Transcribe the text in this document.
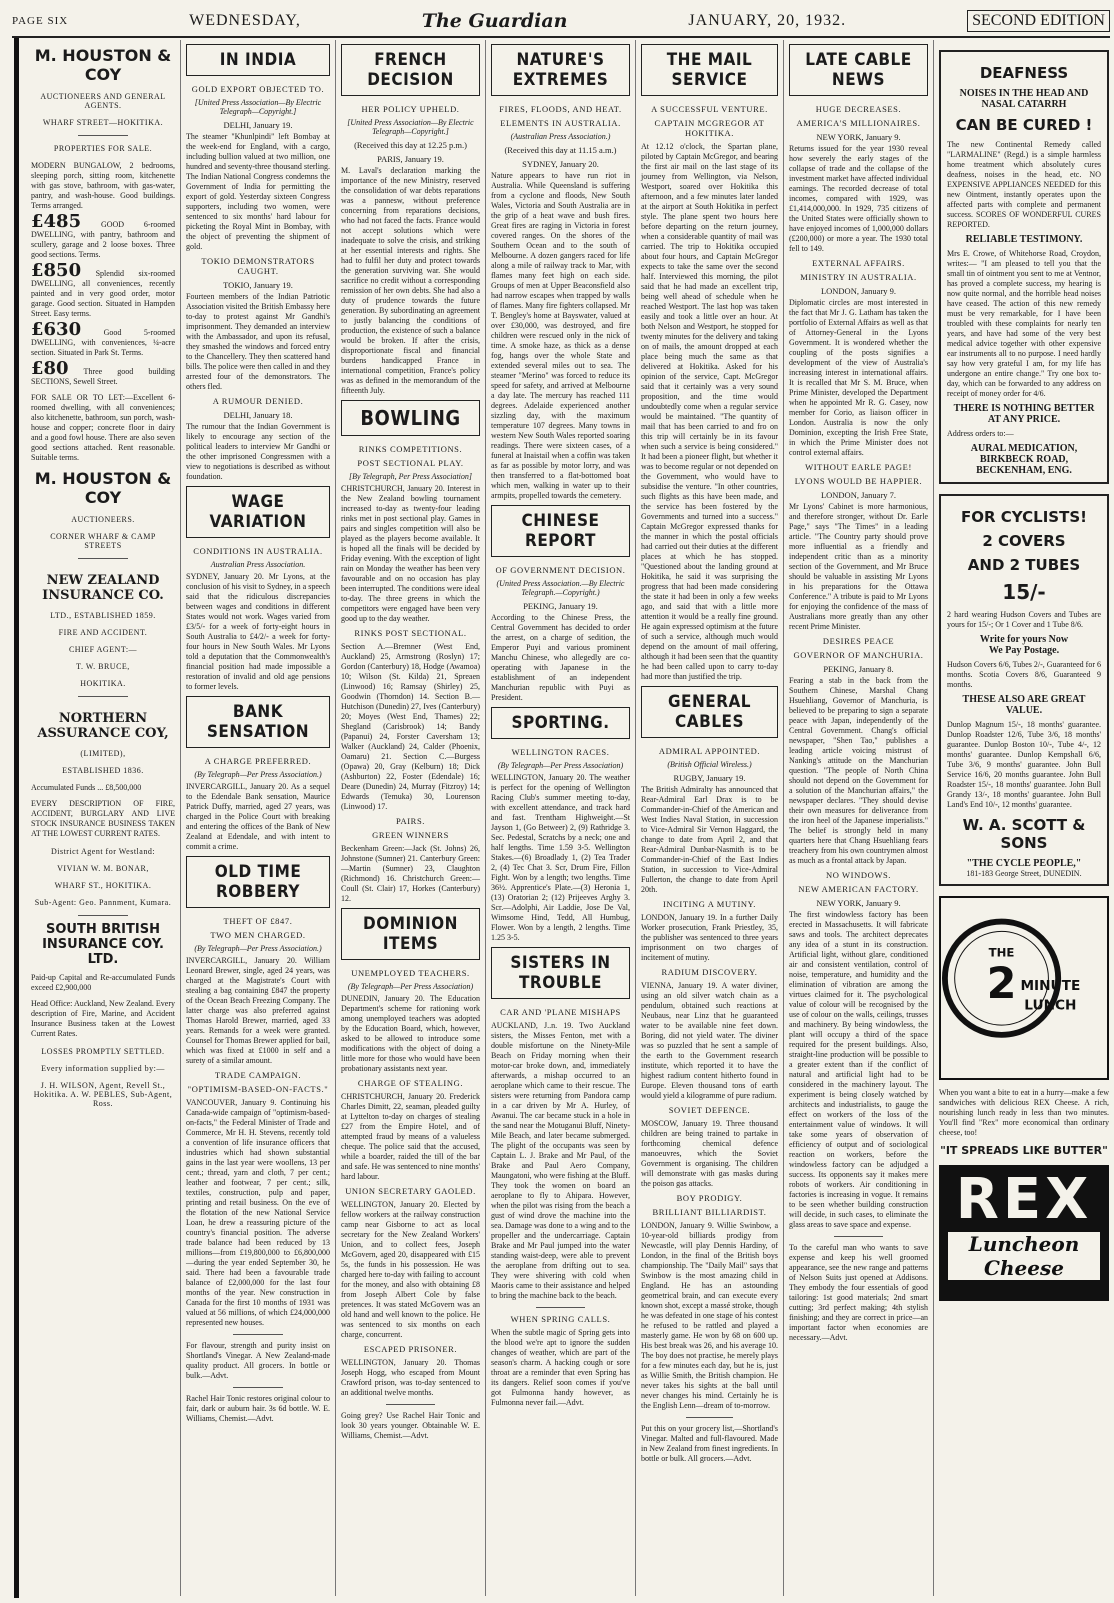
PAGE SIX	WEDNESDAY,	The Guardian	JANUARY, 20, 1932.	SECOND EDITION
M. HOUSTON & COY
AUCTIONEERS AND GENERAL AGENTS.
WHARF STREET—HOKITIKA.
PROPERTIES FOR SALE.

MODERN BUNGALOW, 2 bedrooms, sleeping porch, sitting room, kitchenette with gas stove, bathroom, with gas-water, pantry, and wash-house. Good buildings. Terms arranged.

£485 GOOD 6-roomed DWELLING, with pantry, bathroom and scullery, garage and 2 loose boxes. Three good sections. Terms.

£850 Splendid six-roomed DWELLING, all conveniences, recently painted and in very good order, motor garage. Good section. Situated in Hampden Street. Easy terms.

£630	Good 5-roomed DWELLING, with conveniences, ¼-acre section. Situated in Park St. Terms.

£80 Three good building SECTIONS, Sewell Street.

FOR SALE OR TO LET:—Excellent 6-roomed dwelling, with all conveniences; also kitchenette, bathroom, sun porch, wash-house and copper; concrete floor in dairy and a good fowl house. There are also seven good sections attached. Rent reasonable. Suitable terms.

M. HOUSTON & COY
AUCTIONEERS.
CORNER WHARF & CAMP STREETS
NEW ZEALAND INSURANCE CO.
LTD., ESTABLISHED 1859.
FIRE AND ACCIDENT.
CHIEF AGENT:—
T. W. BRUCE,
HOKITIKA.
NORTHERN ASSURANCE COY,
(LIMITED),
ESTABLISHED 1836.

Accumulated Funds ... £8,500,000

EVERY DESCRIPTION OF FIRE, ACCIDENT, BURGLARY AND LIVE STOCK INSURANCE BUSINESS TAKEN AT THE LOWEST CURRENT RATES.

District Agent for Westland:
VIVIAN W. M. BONAR,
WHARF ST., HOKITIKA.
Sub-Agent: Geo. Pannment, Kumara.
SOUTH BRITISH INSURANCE COY. LTD.

Paid-up Capital and Re-accumulated Funds exceed £2,900,000

Head Office: Auckland, New Zealand. Every description of Fire, Marine, and Accident Insurance Business taken at the Lowest Current Rates.

LOSSES PROMPTLY SETTLED.
Every information supplied by:—
J. H. WILSON, Agent, Revell St., Hokitika. A. W. PEBLES, Sub-Agent, Ross.
IN INDIA
GOLD EXPORT OBJECTED TO.
[United Press Association—By Electric Telegraph—Copyright.]
DELHI, January 19.

The steamer "Khunlpindi" left Bombay at the week-end for England, with a cargo, including bullion valued at two million, one hundred and seventy-three thousand sterling. The Indian National Congress condemns the Government of India for permitting the export of gold. Yesterday sixteen Congress supporters, including two women, were sentenced to six months' hard labour for picketing the Royal Mint in Bombay, with the object of preventing the shipment of gold.

TOKIO DEMONSTRATORS CAUGHT.
TOKIO, January 19.

Fourteen members of the Indian Patriotic Association visited the British Embassy here to-day to protest against Mr Gandhi's imprisonment. They demanded an interview with the Ambassador, and upon its refusal, they smashed the windows and forced entry to the Chancellery. They then scattered hand bills. The police were then called in and they arrested four of the demonstrators. The others fled.

A RUMOUR DENIED.
DELHI, January 18.

The rumour that the Indian Government is likely to encourage any section of the political leaders to interview Mr Gandhi or the other imprisoned Congressmen with a view to negotiations is described as without foundation.

WAGE VARIATION
CONDITIONS IN AUSTRALIA.
Australian Press Association.

SYDNEY, January 20. Mr Lyons, at the conclusion of his visit to Sydney, in a speech said that the ridiculous discrepancies between wages and conditions in different States would not work. Wages varied from £3/5/- for a week of forty-eight hours in South Australia to £4/2/- a week for forty-four hours in New South Wales. Mr Lyons told a deputation that the Commonwealth's financial position had made impossible a restoration of invalid and old age pensions to former levels.

BANK SENSATION
A CHARGE PREFERRED.
(By Telegraph—Per Press Association.)

INVERCARGILL, January 20. As a sequel to the Edendale Bank sensation, Maurice Patrick Duffy, married, aged 27 years, was charged in the Police Court with breaking and entering the offices of the Bank of New Zealand at Edendale, and with intent to commit a crime.

OLD TIME ROBBERY
THEFT OF £847.
TWO MEN CHARGED.
(By Telegraph—Per Press Association.)

INVERCARGILL, January 20. William Leonard Brewer, single, aged 24 years, was charged at the Magistrate's Court with stealing a bag containing £847 the property of the Ocean Beach Freezing Company. The latter charge was also preferred against Thomas Harold Brewer, married, aged 33 years. Remands for a week were granted. Counsel for Thomas Brewer applied for bail, which was fixed at £1000 in self and a surety of a similar amount.

TRADE CAMPAIGN.
"OPTIMISM-BASED-ON-FACTS."

VANCOUVER, January 9. Continuing his Canada-wide campaign of "optimism-based-on-facts," the Federal Minister of Trade and Commerce, Mr H. H. Stevens, recently told a convention of life insurance officers that industries which had shown substantial gains in the last year were woollens, 13 per cent.; thread, yarn and cloth, 7 per cent.; leather and footwear, 7 per cent.; silk, textiles, construction, pulp and paper, printing and retail business. On the eve of the flotation of the new National Service Loan, he drew a reassuring picture of the country's financial position. The adverse trade balance had been reduced by 13 millions—from £19,800,000 to £6,800,000—during the year ended September 30, he said. There had been a favourable trade balance of £2,000,000 for the last four months of the year. New construction in Canada for the first 10 months of 1931 was valued at 56 millions, of which £24,000,000 represented new houses.

For flavour, strength and purity insist on Shortland's Vinegar. A New Zealand-made quality product. All grocers. In bottle or bulk.—Advt.

Rachel Hair Tonic restores original colour to fair, dark or auburn hair. 3s 6d bottle. W. E. Williams, Chemist.—Advt.

FRENCH DECISION
HER POLICY UPHELD.
[United Press Association—By Electric Telegraph—Copyright.]
(Received this day at 12.25 p.m.)
PARIS, January 19.

M. Laval's declaration marking the importance of the new Ministry, reserved the consolidation of war debts reparations was a pannesw, without preference concerning from reparations decisions, who had not faced the facts. France would not accept solutions which were inadequate to solve the crisis, and striking at her essential interests and rights. She had to fulfil her duty and protect towards the generation surviving war. She would sacrifice no credit without a corresponding remission of her own debts. She had also a duty of prudence towards the future generation. By subordinating an agreement to justly balancing the conditions of production, the existence of such a balance would be broken. If after the crisis, disproportionate fiscal and financial burdens handicapped France in international competition, France's policy was as defined in the memorandum of the fifteenth July.

BOWLING
RINKS COMPETITIONS.
POST SECTIONAL PLAY.
[By Telegraph, Per Press Association]

CHRISTCHURCH, January 20. Interest in the New Zealand bowling tournament increased to-day as twenty-four leading rinks met in post sectional play. Games in pairs and singles competition will also be played as the players become available. It is hoped all the finals will be decided by Friday evening. With the exception of light rain on Monday the weather has been very favourable and on no occasion has play been interrupted. The conditions were ideal to-day. The three greens in which the competitors were engaged have been very good up to the day weather.

RINKS POST SECTIONAL.

Section A.—Bremner (West End, Auckland) 25, Armstrong (Roslyn) 17; Gordon (Canterbury) 18, Hodge (Awamoa) 10; Wilson (St. Kilda) 21, Spreaen (Linwood) 16; Ramsay (Shirley) 25, Goodwin (Thorndon) 14. Section B.—Hutchison (Dunedin) 27, Ives (Canterbury) 20; Moyes (West End, Thames) 22; Shegland (Carisbrook) 14; Bandy (Papanui) 24, Forster Caversham 13; Walker (Auckland) 24, Calder (Phoenix, Oamaru) 21. Section C.—Burgess (Opawa) 20, Gray (Kelburn) 18; Dick (Ashburton) 22, Foster (Edendale) 16; Deare (Dunedin) 24, Murray (Fitzroy) 14; Edwards (Temuka) 30, Lourenson (Linwood) 17.

PAIRS.
GREEN WINNERS

Beckenham Green:—Jack (St. Johns) 26, Johnstone (Sumner) 21. Canterbury Green:—Martin (Sumner) 23, Claughton (Richmond) 16. Christchurch Green:—Coull (St. Clair) 17, Horkes (Canterbury) 12.

DOMINION ITEMS
UNEMPLOYED TEACHERS.
(By Telegraph—Per Press Association)

DUNEDIN, January 20. The Education Department's scheme for rationing work among unemployed teachers was adopted by the Education Board, which, however, asked to be allowed to introduce some modifications with the object of doing a little more for those who would have been probationary assistants next year.

CHARGE OF STEALING.

CHRISTCHURCH, January 20. Frederick Charles Dimitt, 22, seaman, pleaded guilty at Lyttelton to-day on charges of stealing £27 from the Empire Hotel, and of attempted fraud by means of a valueless cheque. The police said that the accused, while a boarder, raided the till of the bar and safe. He was sentenced to nine months' hard labour.

UNION SECRETARY GAOLED.

WELLINGTON, January 20. Elected by fellow workers at the railway construction camp near Gisborne to act as local secretary for the New Zealand Workers' Union, and to collect fees, Joseph McGovern, aged 20, disappeared with £15 5s, the funds in his possession. He was charged here to-day with failing to account for the money, and also with obtaining £8 from Joseph Albert Cole by false pretences. It was stated McGovern was an old hand and well known to the police. He was sentenced to six months on each charge, concurrent.

ESCAPED PRISONER.

WELLINGTON, January 20. Thomas Joseph Hogg, who escaped from Mount Crawford prison, was to-day sentenced to an additional twelve months.

Going grey? Use Rachel Hair Tonic and look 30 years younger. Obtainable W. E. Williams, Chemist.—Advt.

NATURE'S EXTREMES
FIRES, FLOODS, AND HEAT.
ELEMENTS IN AUSTRALIA.
(Australian Press Association.)
(Received this day at 11.15 a.m.)
SYDNEY, January 20.

Nature appears to have run riot in Australia. While Queensland is suffering from a cyclone and floods, New South Wales, Victoria and South Australia are in the grip of a heat wave and bush fires. Great fires are raging in Victoria in forest covered ranges. On the shores of the Southern Ocean and to the south of Melbourne. A dozen gangers raced for life along a mile of railway track to Mar, with flames many feet high on each side. Groups of men at Upper Beaconsfield also had narrow escapes when trapped by walls of flames. Many fire fighters collapsed. Mr T. Bengley's home at Bayswater, valued at over £30,000, was destroyed, and fire children were rescued only in the nick of time. A smoke haze, as thick as a dense fog, hangs over the whole State and extended several miles out to sea. The steamer "Merino" was forced to reduce its speed for safety, and arrived at Melbourne a day late. The mercury has reached 111 degrees. Adelaide experienced another sizzling day, with the maximum temperature 107 degrees. Many towns in western New South Wales reported soaring readings. There were sixteen cases, of a funeral at Inaistail when a coffin was taken as far as possible by motor lorry, and was then transferred to a flat-bottomed boat which men, walking in water up to their armpits, propelled towards the cemetery.

CHINESE REPORT
OF GOVERNMENT DECISION.
(United Press Association.—By Electric Telegraph.—Copyright.)
PEKING, January 19.

According to the Chinese Press, the Central Government has decided to order the arrest, on a charge of sedition, the Emperor Puyi and various prominent Manchu Chinese, who allegedly are co-operating with Japanese in the establishment of an independent Manchurian republic with Puyi as President.

SPORTING.
WELLINGTON RACES.
(By Telegraph—Per Press Association)

WELLINGTON, January 20. The weather is perfect for the opening of Wellington Racing Club's summer meeting to-day, with excellent attendance, and track hard and fast. Trentham Highweight.—St Jayson 1, (Go Betweer) 2, (9) Rathridge 3. Sec. Pedestal, Scratchs by a neck; one and half lengths. Time 1.59 3-5. Wellington Stakes.—(6) Broadlady 1, (2) Tea Trader 2, (4) Tec Chat 3. Scr, Drum Fire, Fillon Fight. Won by a length; two lengths. Time 36½. Apprentice's Plate.—(3) Heronia 1, (13) Oratorian 2; (12) Prijeeves Arghy 3. Scr.—Adolphi, Air Laddie, Jose De Val, Wimsome Hind, Tedd, All Humbug, Flower. Won by a length, 2 lengths. Time 1.25 3-5.

SISTERS IN TROUBLE
CAR AND 'PLANE MISHAPS

AUCKLAND, J..n. 19. Two Auckland sisters, the Misses Fenton, met with a double misfortune on the Ninety-Mile Beach on Friday morning when their motor-car broke down, and, immediately afterwards, a mishap occurred to an aeroplane which came to their rescue. The sisters were returning from Pandora camp in a car driven by Mr A. Hurley, of Awanui. The car became stuck in a hole in the sand near the Motuganui Bluff, Ninety-Mile Beach, and later became submerged. The plight of the occupants was seen by Captain L. J. Brake and Mr Paul, of the Brake and Paul Aero Company, Maungatoni, who were fishing at the Bluff. They took the women on board an aeroplane to fly to Ahipara. However, when the pilot was rising from the beach a gust of wind drove the machine into the sea. Damage was done to a wing and to the propeller and the undercarriage. Captain Brake and Mr Paul jumped into the water standing waist-deep, were able to prevent the aeroplane from drifting out to sea. They were shivering with cold when Maoris came to their assistance and helped to bring the machine back to the beach.

WHEN SPRING CALLS.

When the subtle magic of Spring gets into the blood we're apt to ignore the sudden changes of weather, which are part of the season's charm. A hacking cough or sore throat are a reminder that even Spring has its dangers. Relief soon comes if you've got Fulmonna handy however, as Fulmonna never fail.—Advt.

THE MAIL SERVICE
A SUCCESSFUL VENTURE.
CAPTAIN MCGREGOR AT HOKITIKA.

At 12.12 o'clock, the Spartan plane, piloted by Captain McGregor, and bearing the first air mail on the last stage of its journey from Wellington, via Nelson, Westport, soared over Hokitika this afternoon, and a few minutes later landed at the airport at South Hokitika in perfect style. The plane spent two hours here before departing on the return journey, when a considerable quantity of mail was carried. The trip to Hokitika occupied about four hours, and Captain McGregor expects to take the same over the second half. Interviewed this morning, the pilot said that he had made an excellent trip, being well ahead of schedule when he reached Westport. The last hop was taken easily and took a little over an hour. At both Nelson and Westport, he stopped for twenty minutes for the delivery and taking on of mails, the amount dropped at each place being much the same as that delivered at Hokitika. Asked for his opinion of the service, Capt. McGregor said that it certainly was a very sound proposition, and the time would undoubtedly come when a regular service would be maintained. "The quantity of mail that has been carried to and fro on this trip will certainly be in its favour when such a service is being considered." It had been a pioneer flight, but whether it was to become regular or not depended on the Government, who would have to subsidise the venture. "In other countries, such flights as this have been made, and the service has been fostered by the Governments and turned into a success." Captain McGregor expressed thanks for the manner in which the postal officials had carried out their duties at the different places at which he has stopped. "Questioned about the landing ground at Hokitika, he said it was surprising the progress that had been made considering the state it had been in only a few weeks ago, and said that with a little more attention it would be a really fine ground. He again expressed optimism at the future of such a service, although much would depend on the amount of mail offering, although it had been seen that the quantity he had been called upon to carry to-day had more than justified the trip.

GENERAL CABLES
ADMIRAL APPOINTED.
(British Official Wireless.)
RUGBY, January 19.

The British Admiralty has announced that Rear-Admiral Earl Drax is to be Commander-in-Chief of the American and West Indies Naval Station, in succession to Vice-Admiral Sir Vernon Haggard, the change to date from April 2, and that Rear-Admiral Dunbar-Nasmith is to be Commander-in-Chief of the East Indies Station, in succession to Vice-Admiral Fullerton, the change to date from April 20th.

INCITING A MUTINY.

LONDON, January 19. In a further Daily Worker prosecution, Frank Priestley, 35, the publisher was sentenced to three years imprisonment on two charges of incitement of mutiny.

RADIUM DISCOVERY.

VIENNA, January 19. A water diviner, using an old silver watch chain as a pendulum, obtained such reactions at Neubaus, near Linz that he guaranteed water to be available nine feet down. Boring, did not yield water. The diviner was so puzzled that he sent a sample of the earth to the Government research institute, which reported it to have the highest radium content hitherto found in Europe. Eleven thousand tons of earth would yield a kilogramme of pure radium.

SOVIET DEFENCE.

MOSCOW, January 19. Three thousand children are being trained to partake in forthcoming chemical defence manoeuvres, which the Soviet Government is organising. The children will demonstrate with gas masks during the poison gas attacks.

BOY PRODIGY.
BRILLIANT BILLIARDIST.

LONDON, January 9. Willie Swinbow, a 10-year-old billiards prodigy from Newcastle, will play Dennis Hardiny, of London, in the final of the British boys championship. The "Daily Mail" says that Swinbow is the most amazing child in England. He has an astounding geometrical brain, and can execute every known shot, except a massé stroke, though he was defeated in one stage of his contest he refused to be rattled and played a masterly game. He won by 68 on 600 up. His best break was 26, and his average 10. The boy does not practise, he merely plays for a few minutes each day, but he is, just as Willie Smith, the British champion. He never takes his sights at the ball until never changes his mind. Certainly he is the English Lenn—dream of to-morrow.

Put this on your grocery list,—Shortland's Vinegar. Malted and full-flavoured. Made in New Zealand from finest ingredients. In bottle or bulk. All grocers.—Advt.

LATE CABLE NEWS
HUGE DECREASES.
AMERICA'S MILLIONAIRES.
NEW YORK, January 9.

Returns issued for the year 1930 reveal how severely the early stages of the collapse of trade and the collapse of the investment market have affected individual earnings. The recorded decrease of total incomes, compared with 1929, was £1,414,000,000. In 1929, 735 citizens of the United States were officially shown to have enjoyed incomes of 1,000,000 dollars (£200,000) or more a year. The 1930 total fell to 149.

EXTERNAL AFFAIRS.
MINISTRY IN AUSTRALIA.
LONDON, January 9.

Diplomatic circles are most interested in the fact that Mr J. G. Latham has taken the portfolio of External Affairs as well as that of Attorney-General in the Lyons Government. It is wondered whether the coupling of the posts signifies a development of the view of Australia's increasing interest in international affairs. It is recalled that Mr S. M. Bruce, when Prime Minister, developed the Department when he appointed Mr R. G. Casey, now member for Corio, as liaison officer in London. Australia is now the only Dominion, excepting the Irish Free State, in which the Prime Minister does not control external affairs.

WITHOUT EARLE PAGE!
LYONS WOULD BE HAPPIER.
LONDON, January 7.

Mr Lyons' Cabinet is more harmonious, and therefore stronger, without Dr. Earle Page," says "The Times" in a leading article. "The Country party should prove more influential as a friendly and independent critic than as a minority section of the Government, and Mr Bruce should be valuable in assisting Mr Lyons in his preparations for the Ottawa Conference." A tribute is paid to Mr Lyons for enjoying the confidence of the mass of Australians more greatly than any other recent Prime Minister.

DESIRES PEACE
GOVERNOR OF MANCHURIA.
PEKING, January 8.

Fearing a stab in the back from the Southern Chinese, Marshal Chang Hsuehliang, Governor of Manchuria, is believed to be preparing to sign a separate peace with Japan, independently of the Central Government. Chang's official newspaper, "Shen Tao," publishes a leading article voicing mistrust of Nanking's attitude on the Manchurian question. "The people of North China should not depend on the Government for a solution of the Manchurian affairs," the newspaper declares. "They should devise their own measures for deliverance from the iron heel of the Japanese imperialists." The belief is strongly held in many quarters here that Chang Hsuehliang fears treachery from his own countrymen almost as much as a frontal attack by Japan.

NO WINDOWS.
NEW AMERICAN FACTORY.
NEW YORK, January 9.

The first windowless factory has been erected in Massachusetts. It will fabricate saws and tools. The architect deprecates any idea of a stunt in its construction. Artificial light, without glare, conditioned air and consistent ventilation, control of noise, temperature, and humidity and the elimination of vibration are among the virtues claimed for it. The psychological value of colour will be recognised by the use of colour on the walls, ceilings, trusses and machinery. By being windowless, the plant will occupy a third of the space required for the present buildings. Also, straight-line production will be possible to a greater extent than if the conflict of natural and artificial light had to be considered in the machinery layout. The experiment is being closely watched by architects and industrialists, to gauge the effect on workers of the loss of the entertainment value of windows. It will take some years of observation of efficiency of output and of sociological reaction on workers, before the windowless factory can be adjudged a success. Its opponents say it makes mere robots of workers. Air conditioning in factories is increasing in vogue. It remains to be seen whether building construction will decide, in such cases, to eliminate the glass areas to save space and expense.

To the careful man who wants to save expense and keep his well groomed appearance, see the new range and patterns of Nelson Suits just opened at Addisons. They embody the four essentials of good tailoring: 1st good materials; 2nd smart cutting; 3rd perfect making; 4th stylish finishing; and they are correct in price—an important factor when economies are necessary.—Advt.

DEAFNESS
NOISES IN THE HEAD AND NASAL CATARRH
CAN BE CURED !

The new Continental Remedy called "LARMALINE" (Regd.) is a simple harmless home treatment which absolutely cures deafness, noises in the head, etc. NO EXPENSIVE APPLIANCES NEEDED for this new Ointment, instantly operates upon the affected parts with complete and permanent success. SCORES OF WONDERFUL CURES REPORTED.

RELIABLE TESTIMONY.

Mrs E. Crowe, of Whitehorse Road, Croydon, writes:— "I am pleased to tell you that the small tin of ointment you sent to me at Ventnor, has proved a complete success, my hearing is now quite normal, and the horrible head noises have ceased. The action of this new remedy must be very remarkable, for I have been troubled with these complaints for nearly ten years, and have had some of the very best medical advice together with other expensive ear instruments all to no purpose. I need hardly say how very grateful I am, for my life has undergone an entire change." Try one box to-day, which can be forwarded to any address on receipt of money order for 4/6.

THERE IS NOTHING BETTER AT ANY PRICE.

Address orders to:—

AURAL MEDICATION, BIRKBECK ROAD, BECKENHAM, ENG.
FOR CYCLISTS!
2 COVERS
AND 2 TUBES
15/-

2 hard wearing Hudson Covers and Tubes are yours for 15/-; Or 1 Cover and 1 Tube 8/6.

Write for yours Now
We Pay Postage.

Hudson Covers 6/6, Tubes 2/-, Guaranteed for 6 months. Scotia Covers 8/6, Guaranteed 9 months.

THESE ALSO ARE GREAT VALUE.

Dunlop Magnum 15/-, 18 months' guarantee. Dunlop Roadster 12/6, Tube 3/6, 18 months' guarantee. Dunlop Boston 10/-, Tube 4/-, 12 months' guarantee. Dunlop Kempshall 6/6, Tube 3/6, 9 months' guarantee. John Bull Service 16/6, 20 months guarantee. John Bull Roadster 15/-, 18 months' guarantee. John Bull Grandy 13/-, 18 months' guarantee. John Bull Land's End 10/-, 12 months' guarantee.

W. A. SCOTT & SONS
"THE CYCLE PEOPLE,"
181-183 George Street, DUNEDIN.
THE
2 MINUTE
LUNCH

When you want a bite to eat in a hurry—make a few sandwiches with delicious REX Cheese. A rich, nourishing lunch ready in less than two minutes. You'll find "Rex" more economical than ordinary cheese, too!

"IT SPREADS LIKE BUTTER"
REX
Luncheon Cheese
